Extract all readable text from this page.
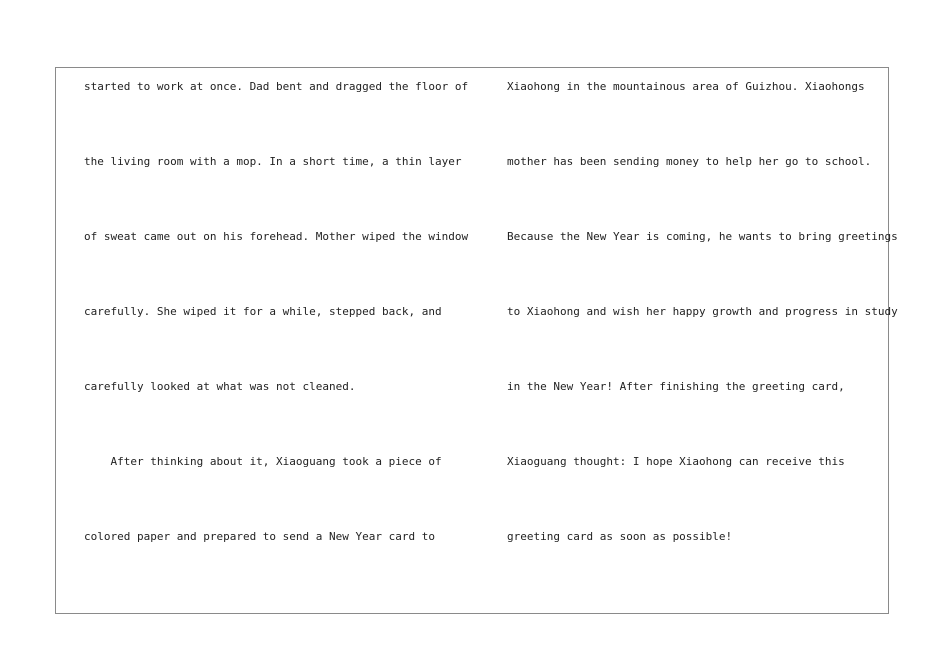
started to work at once. Dad bent and dragged the floor of
the living room with a mop. In a short time, a thin layer
of sweat came out on his forehead. Mother wiped the window
carefully. She wiped it for a while, stepped back, and
carefully looked at what was not cleaned.
After thinking about it, Xiaoguang took a piece of
colored paper and prepared to send a New Year card to
Xiaohong in the mountainous area of Guizhou. Xiaohongs
mother has been sending money to help her go to school.
Because the New Year is coming, he wants to bring greetings
to Xiaohong and wish her happy growth and progress in study
in the New Year! After finishing the greeting card,
Xiaoguang thought: I hope Xiaohong can receive this
greeting card as soon as possible!
